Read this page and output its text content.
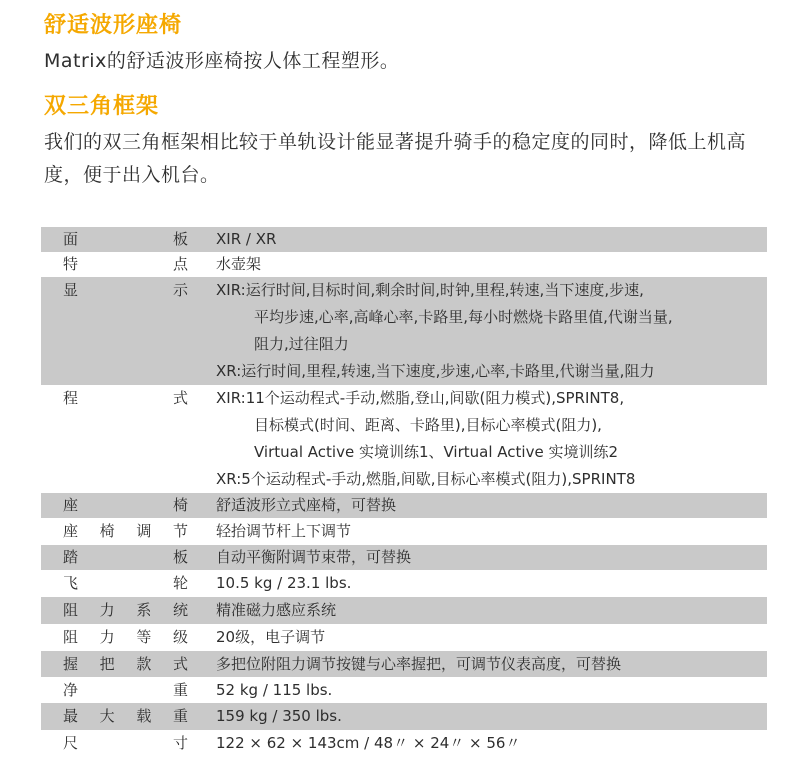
舒适波形座椅
Matrix的舒适波形座椅按人体工程塑形。
双三角框架
我们的双三角框架相比较于单轨设计能显著提升骑手的稳定度的同时，降低上机高度，便于出入机台。
面	板 XIR / XR
特	点 水壶架
显	示 XIR:运行时间,目标时间,剩余时间,时钟,里程,转速,当下速度,步速,
平均步速,心率,高峰心率,卡路里,每小时燃烧卡路里值,代谢当量,
阻力,过往阻力
XR:运行时间,里程,转速,当下速度,步速,心率,卡路里,代谢当量,阻力
程	式 XIR:11个运动程式-手动,燃脂,登山,间歇(阻力模式),SPRINT8,
目标模式(时间、距离、卡路里),目标心率模式(阻力),
Virtual Active 实境训练1、Virtual Active 实境训练2
XR:5个运动程式-手动,燃脂,间歇,目标心率模式(阻力),SPRINT8
座	椅 舒适波形立式座椅，可替换
座 椅 调 节 轻抬调节杆上下调节
踏	板 自动平衡附调节束带，可替换
飞	轮 10.5 kg / 23.1 lbs.
阻 力 系 统 精准磁力感应系统
阻 力 等 级 20级，电子调节
握 把 款 式 多把位附阻力调节按键与心率握把，可调节仪表高度，可替换
净	重 52 kg / 115 lbs.
最 大 载 重 159 kg / 350 lbs.
尺	寸 122 × 62 × 143cm / 48〃 × 24〃 × 56〃
